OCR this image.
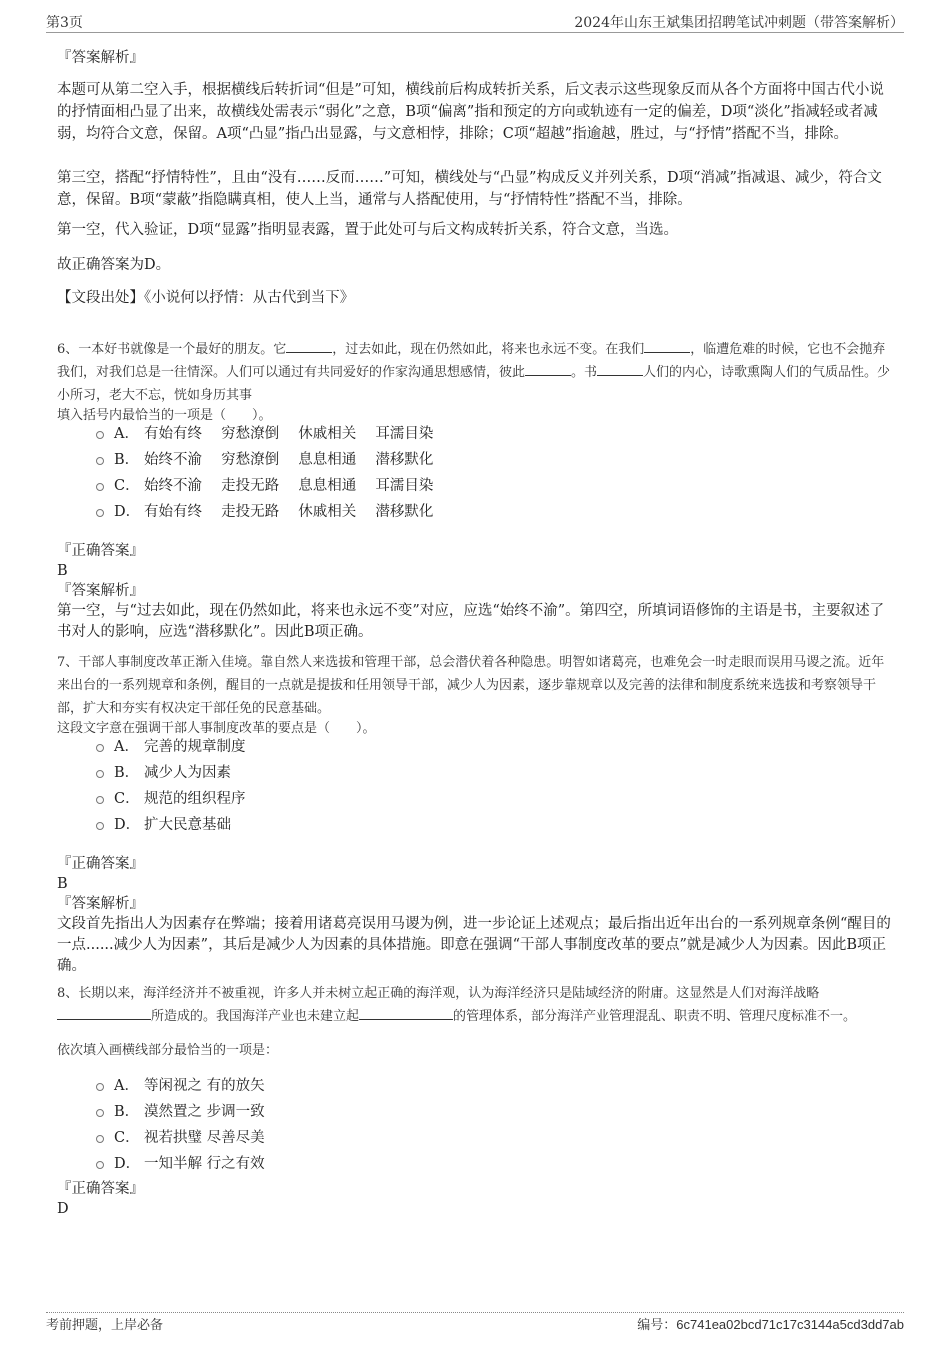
第3页	2024年山东王斌集团招聘笔试冲刺题（带答案解析）

『答案解析』

本题可从第二空入手，根据横线后转折词“但是”可知，横线前后构成转折关系，后文表示这些现象反而从各个方面将中国古代小说的抒情面相凸显了出来，故横线处需表示“弱化”之意，B项“偏离”指和预定的方向或轨迹有一定的偏差，D项“淡化”指减轻或者减弱，均符合文意，保留。A项“凸显”指凸出显露，与文意相悖，排除；C项“超越”指逾越，胜过，与“抒情”搭配不当，排除。

第三空，搭配“抒情特性”，且由“没有……反而……”可知，横线处与“凸显”构成反义并列关系，D项“消减”指减退、减少，符合文意，保留。B项“蒙蔽”指隐瞒真相，使人上当，通常与人搭配使用，与“抒情特性”搭配不当，排除。

第一空，代入验证，D项“显露”指明显表露，置于此处可与后文构成转折关系，符合文意，当选。

故正确答案为D。

【文段出处】《小说何以抒情：从古代到当下》

6、一本好书就像是一个最好的朋友。它	，过去如此，现在仍然如此，将来也永远不变。在我们	，临遭危难的时候，它也不会抛弃我们，对我们总是一往情深。人们可以通过有共同爱好的作家沟通思想感情，彼此	。书	人们的内心，诗歌熏陶人们的气质品性。少小所习，老大不忘，恍如身历其事

填入括号内最恰当的一项是（　　）。

A． 有始有终　 穷愁潦倒　 休戚相关　 耳濡目染
B． 始终不渝　 穷愁潦倒　 息息相通　 潜移默化
C． 始终不渝　 走投无路　 息息相通　 耳濡目染
D． 有始有终　 走投无路　 休戚相关　 潜移默化

『正确答案』

B

『答案解析』

第一空，与“过去如此，现在仍然如此，将来也永远不变”对应，应选“始终不渝”。第四空，所填词语修饰的主语是书，主要叙述了书对人的影响，应选“潜移默化”。因此B项正确。

7、干部人事制度改革正渐入佳境。靠自然人来选拔和管理干部，总会潜伏着各种隐患。明智如诸葛亮，也难免会一时走眼而误用马谡之流。近年来出台的一系列规章和条例，醒目的一点就是提拔和任用领导干部，减少人为因素，逐步靠规章以及完善的法律和制度系统来选拔和考察领导干部，扩大和夯实有权决定干部任免的民意基础。

这段文字意在强调干部人事制度改革的要点是（　　）。

A． 完善的规章制度
B． 减少人为因素
C． 规范的组织程序
D． 扩大民意基础

『正确答案』

B

『答案解析』

文段首先指出人为因素存在弊端；接着用诸葛亮误用马谡为例，进一步论证上述观点；最后指出近年出台的一系列规章条例“醒目的一点......减少人为因素”，其后是减少人为因素的具体措施。即意在强调“干部人事制度改革的要点”就是减少人为因素。因此B项正确。

8、长期以来，海洋经济并不被重视，许多人并未树立起正确的海洋观，认为海洋经济只是陆域经济的附庸。这显然是人们对海洋战略所造成的。我国海洋产业也未建立起	的管理体系，部分海洋产业管理混乱、职责不明、管理尺度标准不一。

依次填入画横线部分最恰当的一项是：

A． 等闲视之 有的放矢
B． 漠然置之 步调一致
C． 视若拱璧 尽善尽美
D． 一知半解 行之有效

『正确答案』

D

考前押题，上岸必备	编号：6c741ea02bcd71c17c3144a5cd3dd7ab
